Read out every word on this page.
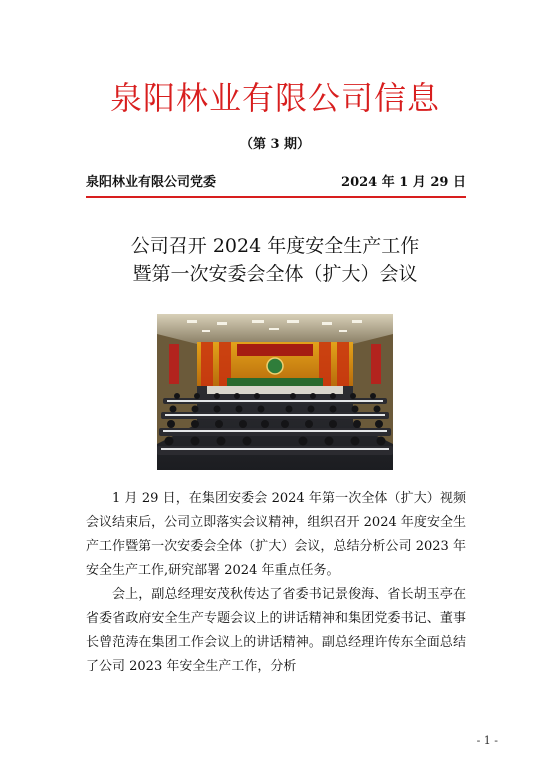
泉阳林业有限公司信息
（第 3 期）
泉阳林业有限公司党委	2024 年 1 月 29 日
公司召开 2024 年度安全生产工作
暨第一次安委会全体（扩大）会议

1 月 29 日，在集团安委会 2024 年第一次全体（扩大）视频会议结束后，公司立即落实会议精神，组织召开 2024 年度安全生产工作暨第一次安委会全体（扩大）会议，总结分析公司 2023 年安全生产工作,研究部署 2024 年重点任务。

会上，副总经理安茂秋传达了省委书记景俊海、省长胡玉亭在省委省政府安全生产专题会议上的讲话精神和集团党委书记、董事长曾范涛在集团工作会议上的讲话精神。副总经理许传东全面总结了公司 2023 年安全生产工作，分析

- 1 -
